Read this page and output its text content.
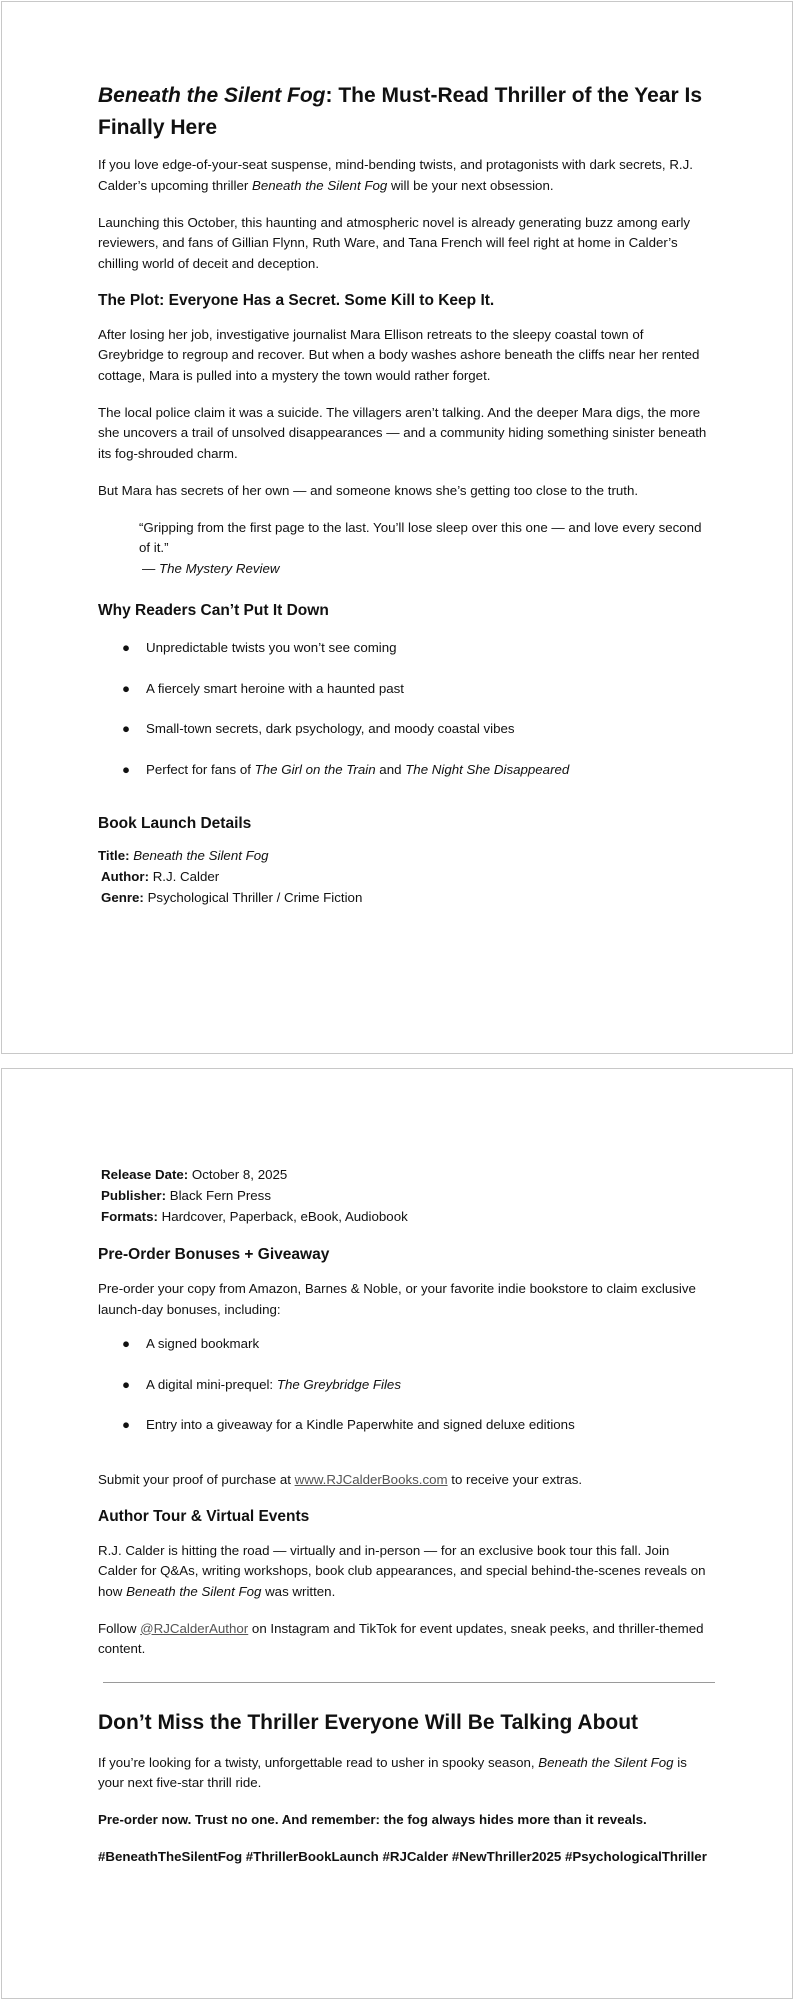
Beneath the Silent Fog: The Must-Read Thriller of the Year Is Finally Here

If you love edge-of-your-seat suspense, mind-bending twists, and protagonists with dark secrets, R.J. Calder’s upcoming thriller Beneath the Silent Fog will be your next obsession.

Launching this October, this haunting and atmospheric novel is already generating buzz among early reviewers, and fans of Gillian Flynn, Ruth Ware, and Tana French will feel right at home in Calder’s chilling world of deceit and deception.

The Plot: Everyone Has a Secret. Some Kill to Keep It.

After losing her job, investigative journalist Mara Ellison retreats to the sleepy coastal town of Greybridge to regroup and recover. But when a body washes ashore beneath the cliffs near her rented cottage, Mara is pulled into a mystery the town would rather forget.

The local police claim it was a suicide. The villagers aren’t talking. And the deeper Mara digs, the more she uncovers a trail of unsolved disappearances — and a community hiding something sinister beneath its fog-shrouded charm.

But Mara has secrets of her own — and someone knows she’s getting too close to the truth.

“Gripping from the first page to the last. You’ll lose sleep over this one — and love every second of it.”
— The Mystery Review
Why Readers Can’t Put It Down
● Unpredictable twists you won’t see coming
● A fiercely smart heroine with a haunted past
● Small-town secrets, dark psychology, and moody coastal vibes
● Perfect for fans of The Girl on the Train and The Night She Disappeared
Book Launch Details
Title: Beneath the Silent Fog
Author: R.J. Calder
Genre: Psychological Thriller / Crime Fiction
Release Date: October 8, 2025
Publisher: Black Fern Press
Formats: Hardcover, Paperback, eBook, Audiobook
Pre-Order Bonuses + Giveaway

Pre-order your copy from Amazon, Barnes & Noble, or your favorite indie bookstore to claim exclusive launch-day bonuses, including:

● A signed bookmark
● A digital mini-prequel: The Greybridge Files
● Entry into a giveaway for a Kindle Paperwhite and signed deluxe editions

Submit your proof of purchase at www.RJCalderBooks.com to receive your extras.

Author Tour & Virtual Events

R.J. Calder is hitting the road — virtually and in-person — for an exclusive book tour this fall. Join Calder for Q&As, writing workshops, book club appearances, and special behind-the-scenes reveals on how Beneath the Silent Fog was written.

Follow @RJCalderAuthor on Instagram and TikTok for event updates, sneak peeks, and thriller-themed content.

Don’t Miss the Thriller Everyone Will Be Talking About

If you’re looking for a twisty, unforgettable read to usher in spooky season, Beneath the Silent Fog is your next five-star thrill ride.

Pre-order now. Trust no one. And remember: the fog always hides more than it reveals.

#BeneathTheSilentFog #ThrillerBookLaunch #RJCalder #NewThriller2025 #PsychologicalThriller
